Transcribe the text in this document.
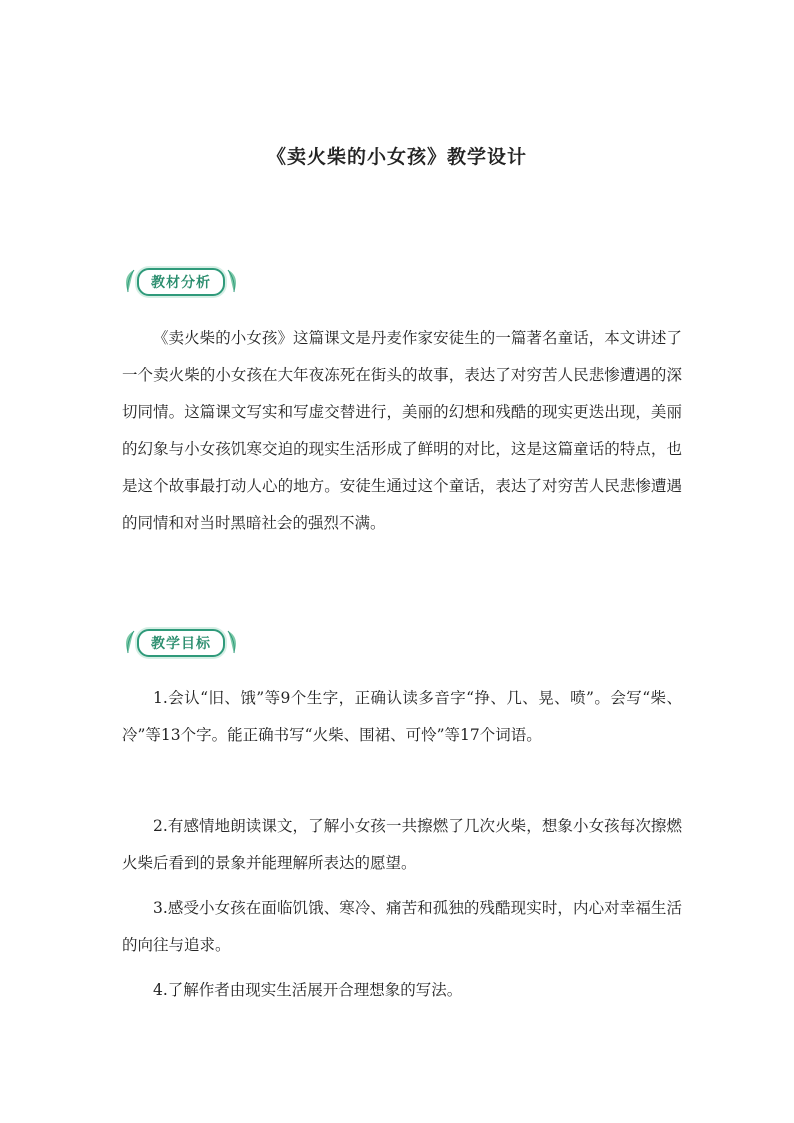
《卖火柴的小女孩》教学设计
教材分析

《卖火柴的小女孩》这篇课文是丹麦作家安徒生的一篇著名童话，本文讲述了一个卖火柴的小女孩在大年夜冻死在街头的故事，表达了对穷苦人民悲惨遭遇的深切同情。这篇课文写实和写虚交替进行，美丽的幻想和残酷的现实更迭出现，美丽的幻象与小女孩饥寒交迫的现实生活形成了鲜明的对比，这是这篇童话的特点，也是这个故事最打动人心的地方。安徒生通过这个童话，表达了对穷苦人民悲惨遭遇的同情和对当时黑暗社会的强烈不满。

教学目标

1.会认“旧、饿”等9个生字，正确认读多音字“挣、几、晃、喷”。会写“柴、冷”等13个字。能正确书写“火柴、围裙、可怜”等17个词语。

2.有感情地朗读课文，了解小女孩一共擦燃了几次火柴，想象小女孩每次擦燃火柴后看到的景象并能理解所表达的愿望。

3.感受小女孩在面临饥饿、寒冷、痛苦和孤独的残酷现实时，内心对幸福生活的向往与追求。

4.了解作者由现实生活展开合理想象的写法。
